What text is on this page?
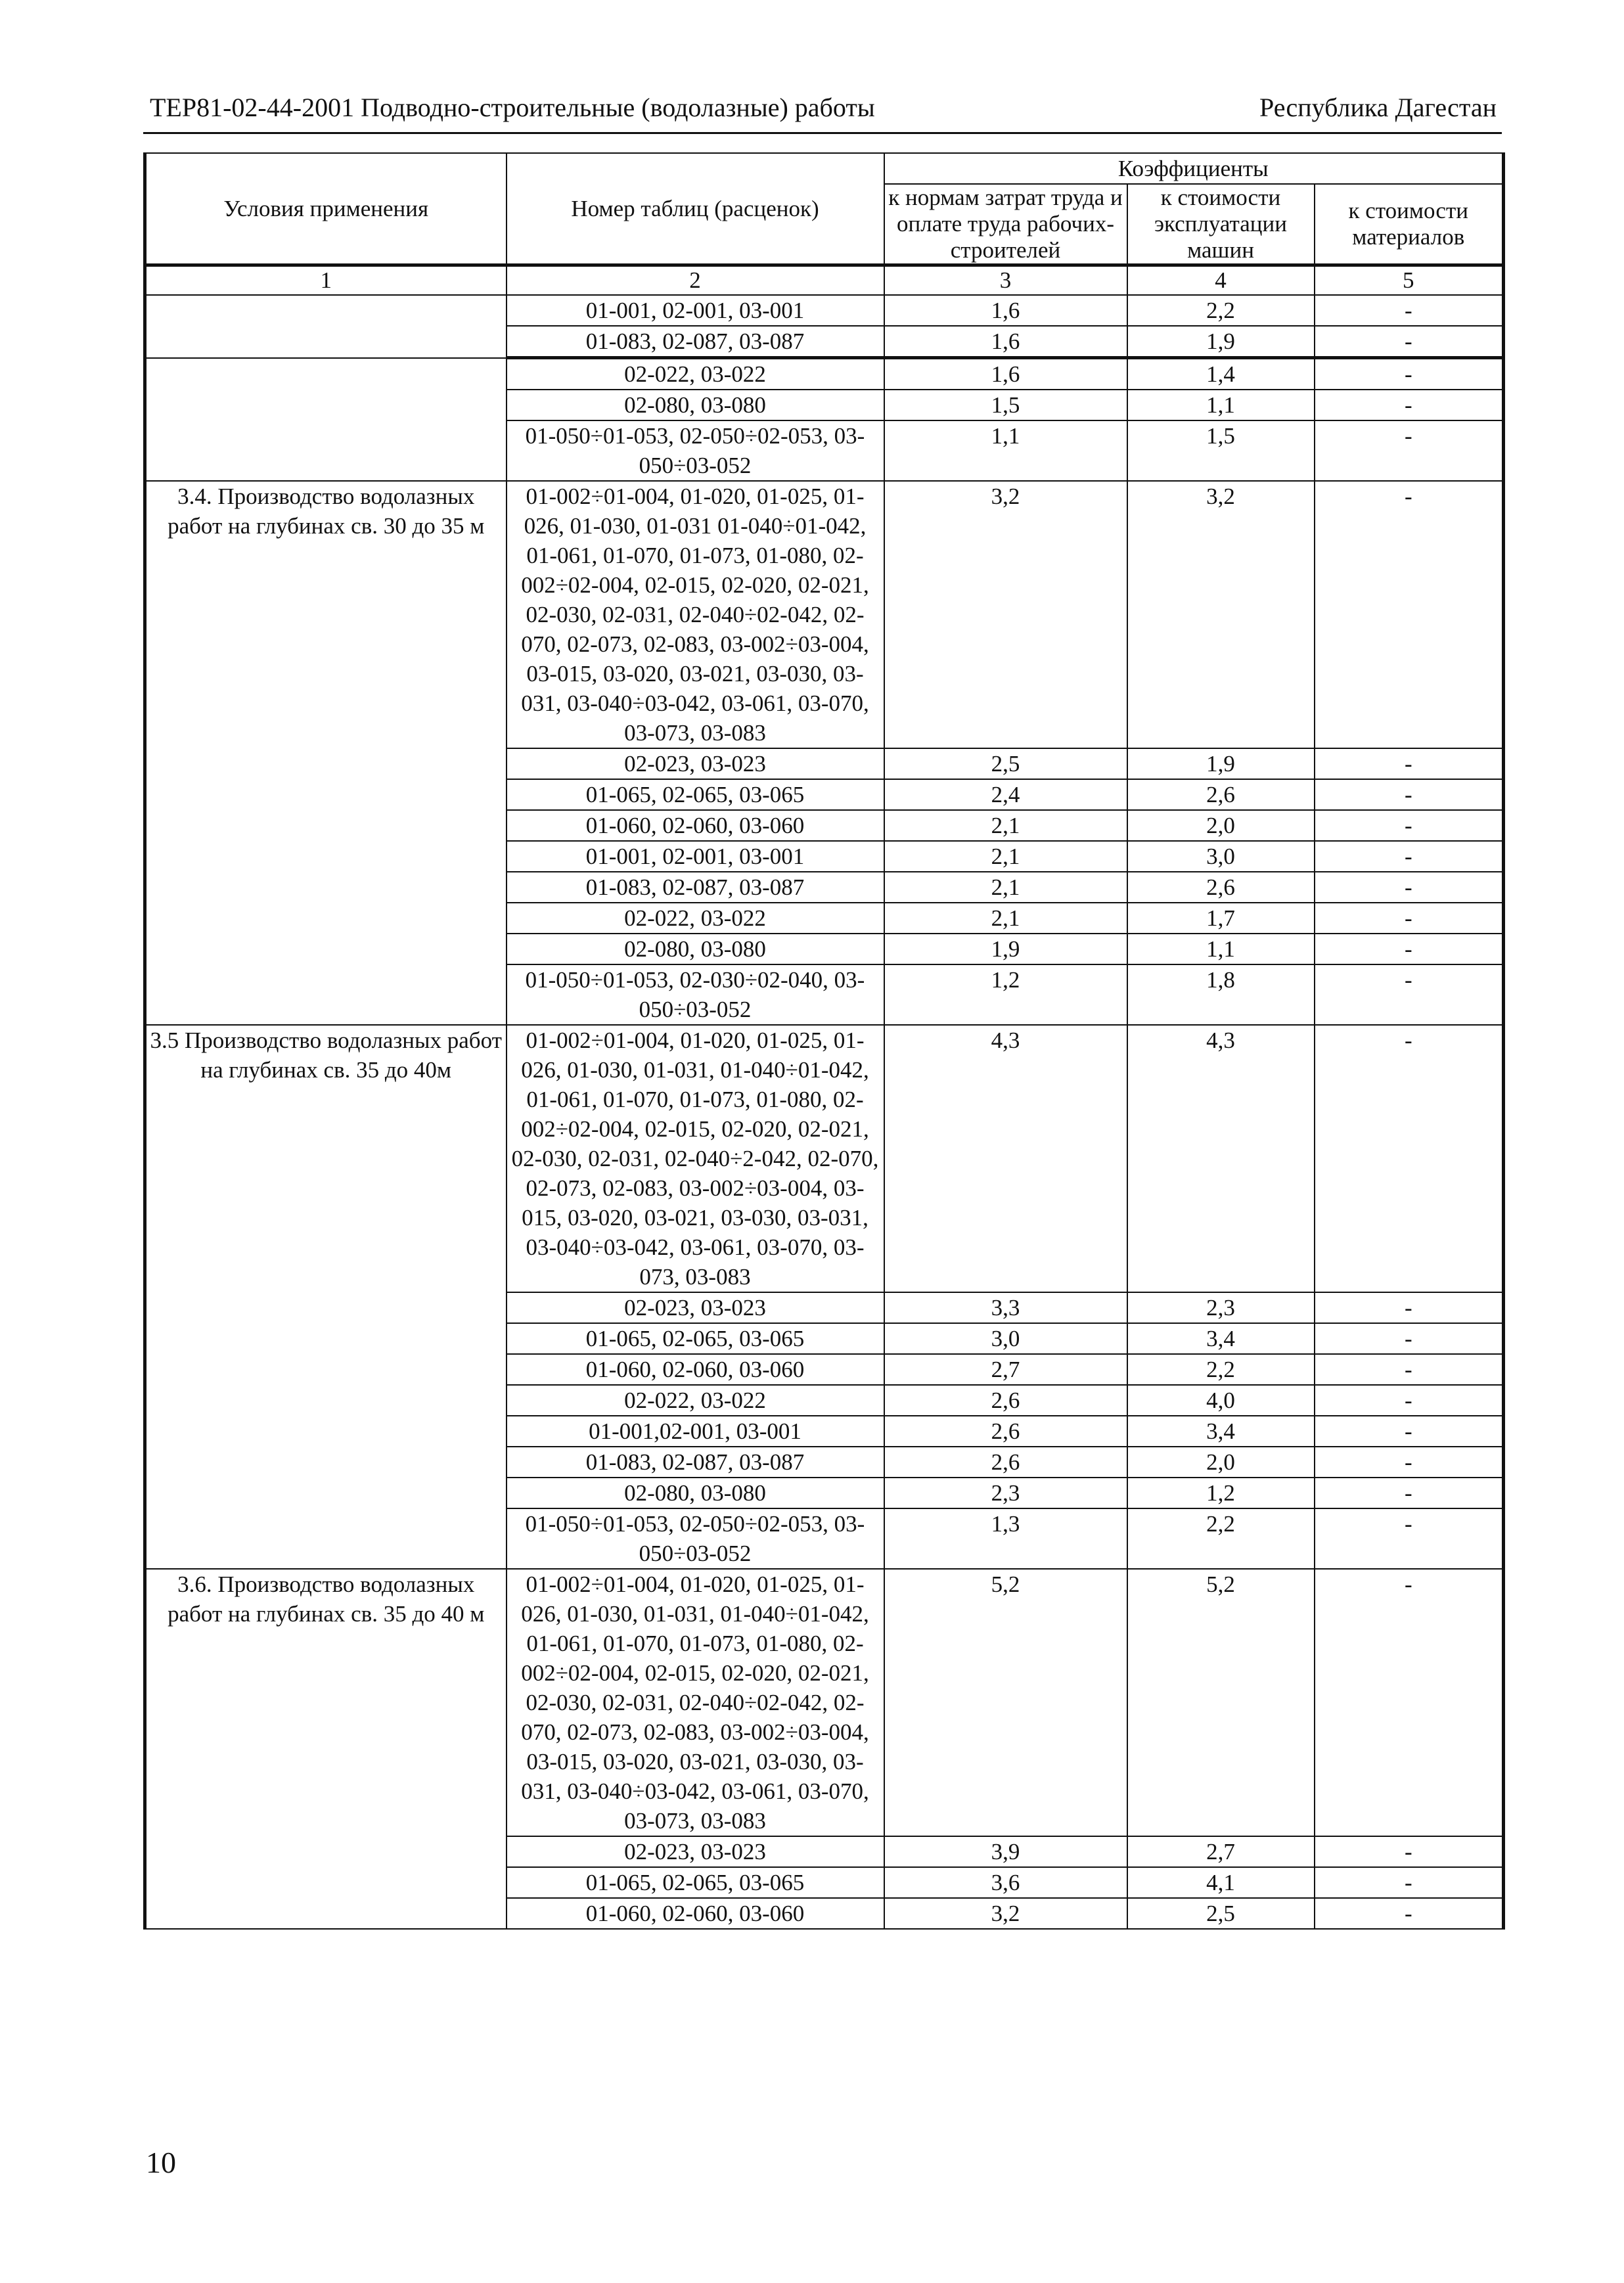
ТЕР81-02-44-2001 Подводно-строительные (водолазные) работы	Республика Дагестан
Условия применения	Номер таблиц (расценок)	Коэффициенты		
		к нормам затрат труда и оплате труда рабочих-строителей	к стоимости эксплуатации машин	к стоимости материалов
1	2	3	4	5
	01-001, 02-001, 03-001	1,6	2,2	-
	01-083, 02-087, 03-087	1,6	1,9	-
	02-022, 03-022	1,6	1,4	-
	02-080, 03-080	1,5	1,1	-
	01-050÷01-053, 02-050÷02-053, 03-050÷03-052	1,1	1,5	-
3.4. Производство водолазных работ на глубинах св. 30 до 35 м	01-002÷01-004, 01-020, 01-025, 01-026, 01-030, 01-031 01-040÷01-042, 01-061, 01-070, 01-073, 01-080, 02-002÷02-004, 02-015, 02-020, 02-021, 02-030, 02-031, 02-040÷02-042, 02-070, 02-073, 02-083, 03-002÷03-004, 03-015, 03-020, 03-021, 03-030, 03-031, 03-040÷03-042, 03-061, 03-070, 03-073, 03-083	3,2	3,2	-
	02-023, 03-023	2,5	1,9	-
	01-065, 02-065, 03-065	2,4	2,6	-
	01-060, 02-060, 03-060	2,1	2,0	-
	01-001, 02-001, 03-001	2,1	3,0	-
	01-083, 02-087, 03-087	2,1	2,6	-
	02-022, 03-022	2,1	1,7	-
	02-080, 03-080	1,9	1,1	-
	01-050÷01-053, 02-030÷02-040, 03-050÷03-052	1,2	1,8	-
3.5 Производство водолазных работ на глубинах св. 35 до 40м	01-002÷01-004, 01-020, 01-025, 01-026, 01-030, 01-031, 01-040÷01-042, 01-061, 01-070, 01-073, 01-080, 02-002÷02-004, 02-015, 02-020, 02-021, 02-030, 02-031, 02-040÷2-042, 02-070, 02-073, 02-083, 03-002÷03-004, 03-015, 03-020, 03-021, 03-030, 03-031, 03-040÷03-042, 03-061, 03-070, 03-073, 03-083	4,3	4,3	-
	02-023, 03-023	3,3	2,3	-
	01-065, 02-065, 03-065	3,0	3,4	-
	01-060, 02-060, 03-060	2,7	2,2	-
	02-022, 03-022	2,6	4,0	-
	01-001,02-001, 03-001	2,6	3,4	-
	01-083, 02-087, 03-087	2,6	2,0	-
	02-080, 03-080	2,3	1,2	-
	01-050÷01-053, 02-050÷02-053, 03-050÷03-052	1,3	2,2	-
3.6. Производство водолазных работ на глубинах св. 35 до 40 м	01-002÷01-004, 01-020, 01-025, 01-026, 01-030, 01-031, 01-040÷01-042, 01-061, 01-070, 01-073, 01-080, 02-002÷02-004, 02-015, 02-020, 02-021, 02-030, 02-031, 02-040÷02-042, 02-070, 02-073, 02-083, 03-002÷03-004, 03-015, 03-020, 03-021, 03-030, 03-031, 03-040÷03-042, 03-061, 03-070, 03-073, 03-083	5,2	5,2	-
	02-023, 03-023	3,9	2,7	-
	01-065, 02-065, 03-065	3,6	4,1	-
	01-060, 02-060, 03-060	3,2	2,5	-
10
